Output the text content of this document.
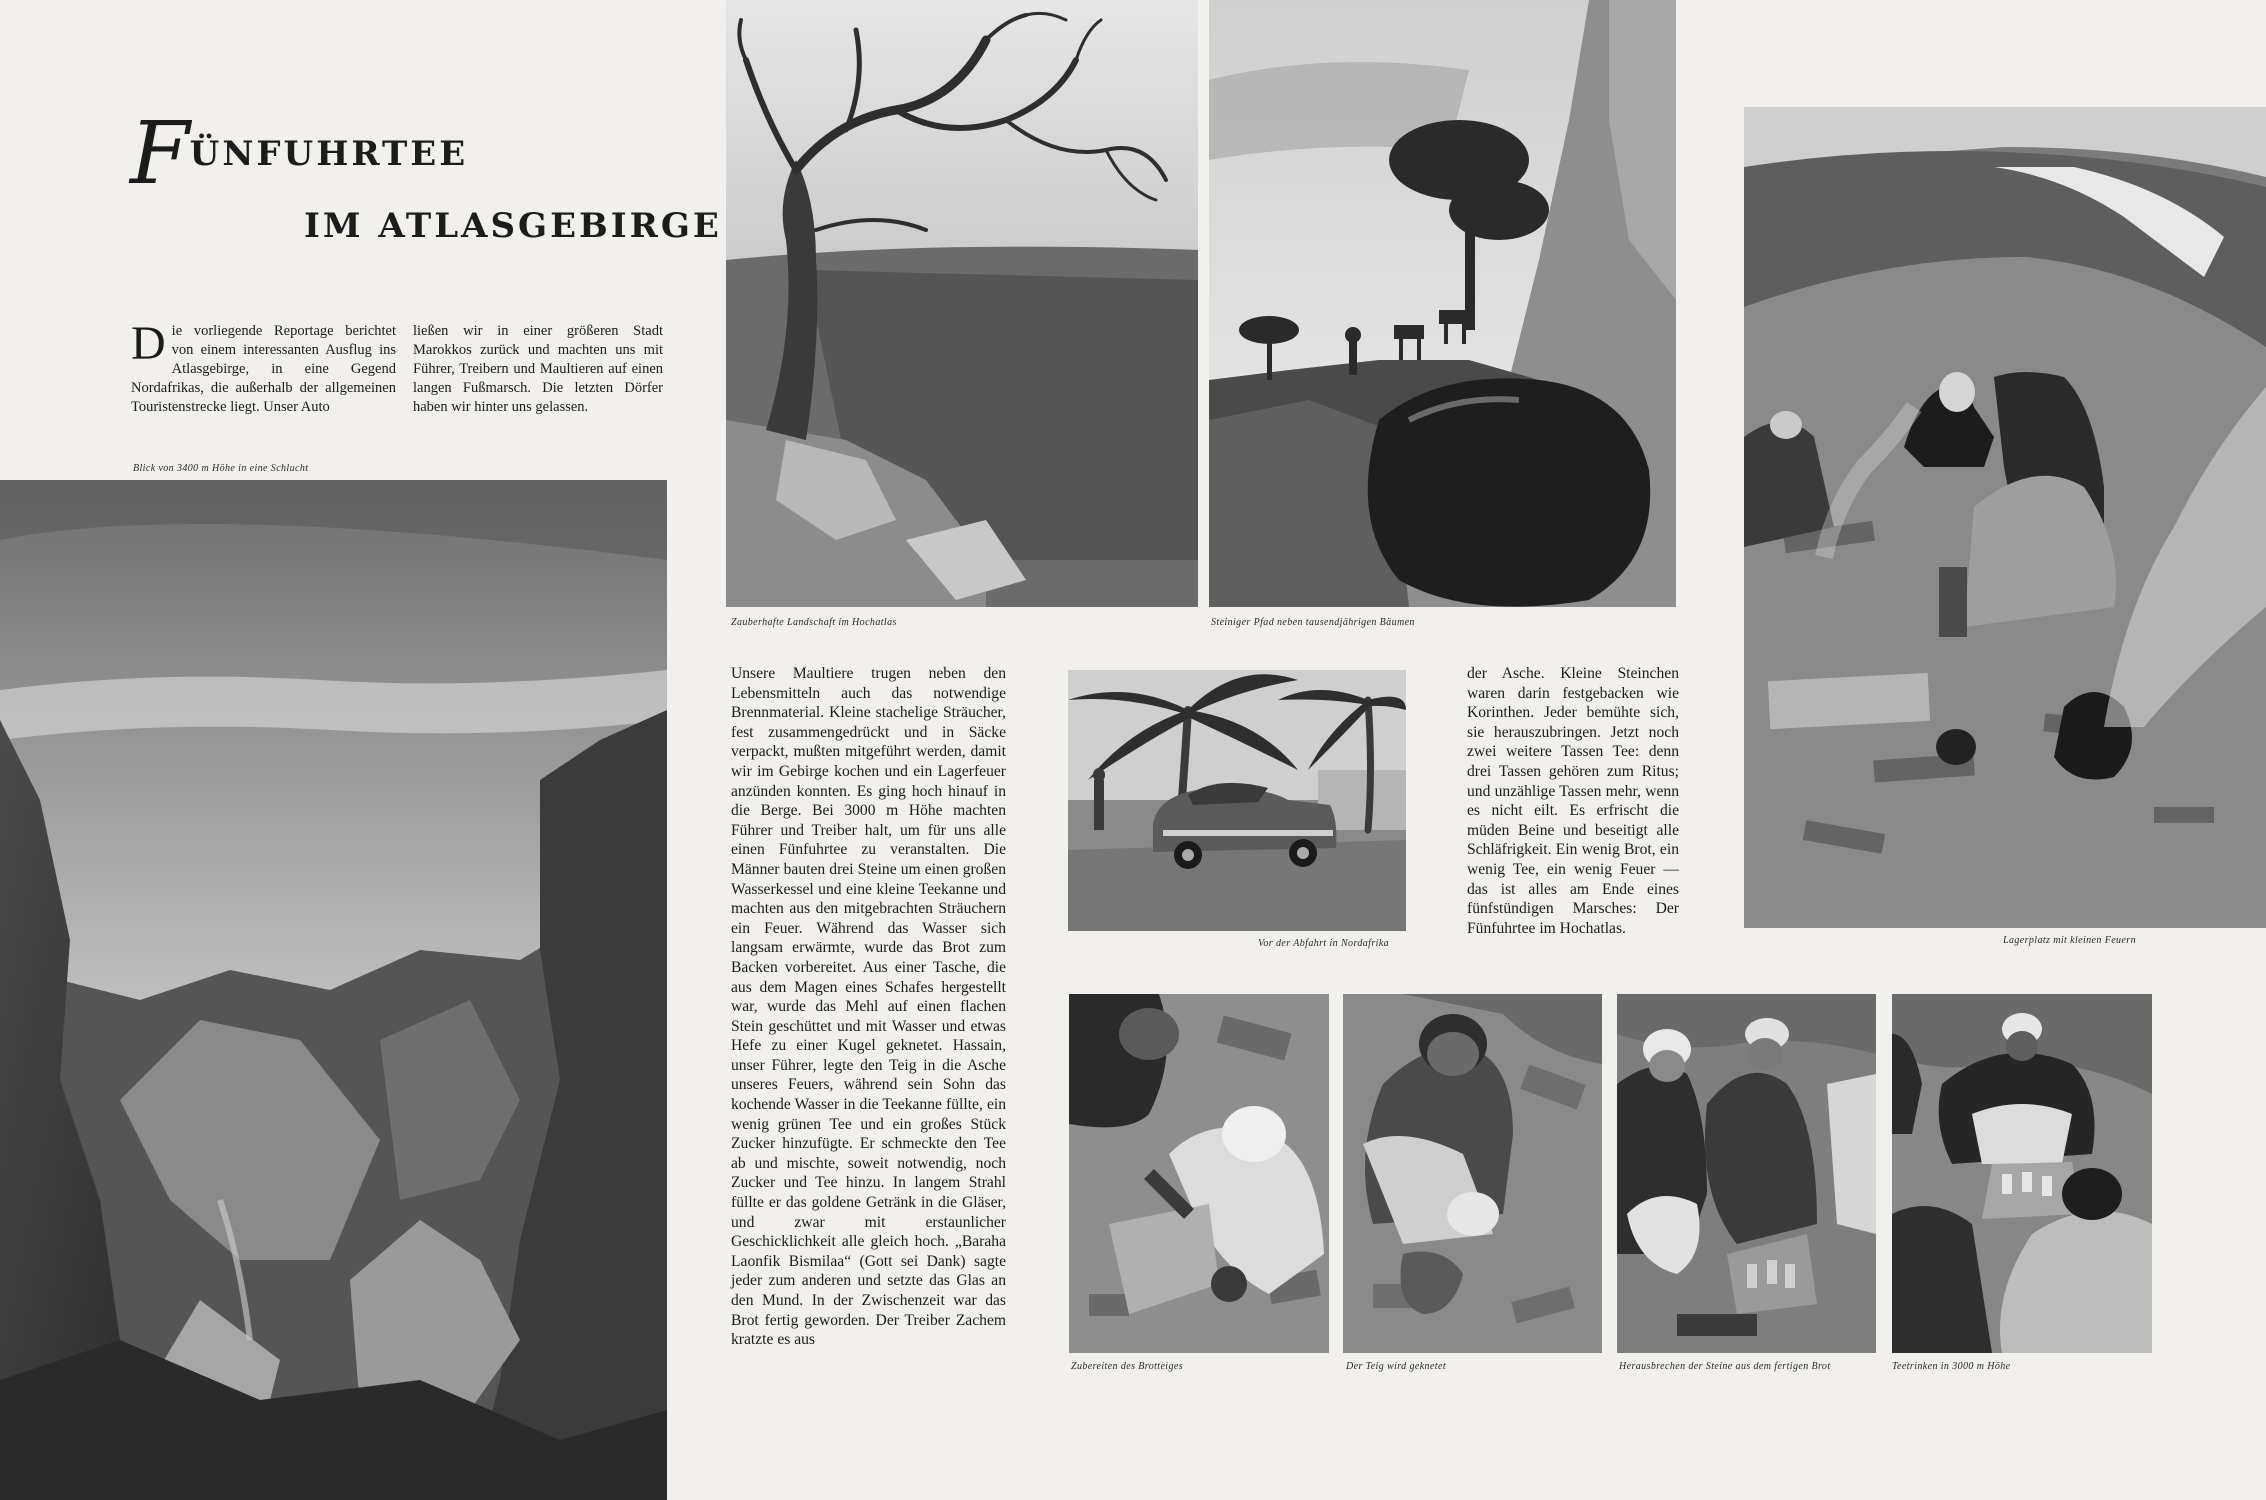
FÜNFUHRTEE
IM ATLASGEBIRGE
Die vorliegende Reportage berichtet von einem interessanten Ausflug ins Atlasgebirge, in eine Gegend Nordafrikas, die außerhalb der allgemeinen Touristenstrecke liegt. Unser Auto
ließen wir in einer größeren Stadt Marokkos zurück und machten uns mit Führer, Treibern und Maultieren auf einen langen Fußmarsch. Die letzten Dörfer haben wir hinter uns gelassen.
Blick von 3400 m Höhe in eine Schlucht
Zauberhafte Landschaft im Hochatlas	Steiniger Pfad neben tausendjährigen Bäumen
Lagerplatz mit kleinen Feuern
Vor der Abfahrt in Nordafrika
Unsere Maultiere trugen neben den Lebensmitteln auch das notwendige Brennmaterial. Kleine stachelige Sträucher, fest zusammengedrückt und in Säcke verpackt, mußten mitgeführt werden, damit wir im Gebirge kochen und ein Lagerfeuer anzünden konnten. Es ging hoch hinauf in die Berge. Bei 3000 m Höhe machten Führer und Treiber halt, um für uns alle einen Fünfuhrtee zu veranstalten. Die Männer bauten drei Steine um einen großen Wasserkessel und eine kleine Teekanne und machten aus den mitgebrachten Sträuchern ein Feuer. Während das Wasser sich langsam erwärmte, wurde das Brot zum Backen vorbereitet. Aus einer Tasche, die aus dem Magen eines Schafes hergestellt war, wurde das Mehl auf einen flachen Stein geschüttet und mit Wasser und etwas Hefe zu einer Kugel geknetet. Hassain, unser Führer, legte den Teig in die Asche unseres Feuers, während sein Sohn das kochende Wasser in die Teekanne füllte, ein wenig grünen Tee und ein großes Stück Zucker hinzufügte. Er schmeckte den Tee ab und mischte, soweit notwendig, noch Zucker und Tee hinzu. In langem Strahl füllte er das goldene Getränk in die Gläser, und zwar mit erstaunlicher Geschicklichkeit alle gleich hoch. „Baraha Laonfik Bismilaa“ (Gott sei Dank) sagte jeder zum anderen und setzte das Glas an den Mund. In der Zwischenzeit war das Brot fertig geworden. Der Treiber Zachem kratzte es aus
der Asche. Kleine Steinchen waren darin festgebacken wie Korinthen. Jeder bemühte sich, sie herauszubringen. Jetzt noch zwei weitere Tassen Tee: denn drei Tassen gehören zum Ritus; und unzählige Tassen mehr, wenn es nicht eilt. Es erfrischt die müden Beine und beseitigt alle Schläfrigkeit. Ein wenig Brot, ein wenig Tee, ein wenig Feuer — das ist alles am Ende eines fünfstündigen Marsches: Der Fünfuhrtee im Hochatlas.
Zubereiten des Brotteiges	Der Teig wird geknetet	Herausbrechen der Steine aus dem fertigen Brot	Teetrinken in 3000 m Höhe
